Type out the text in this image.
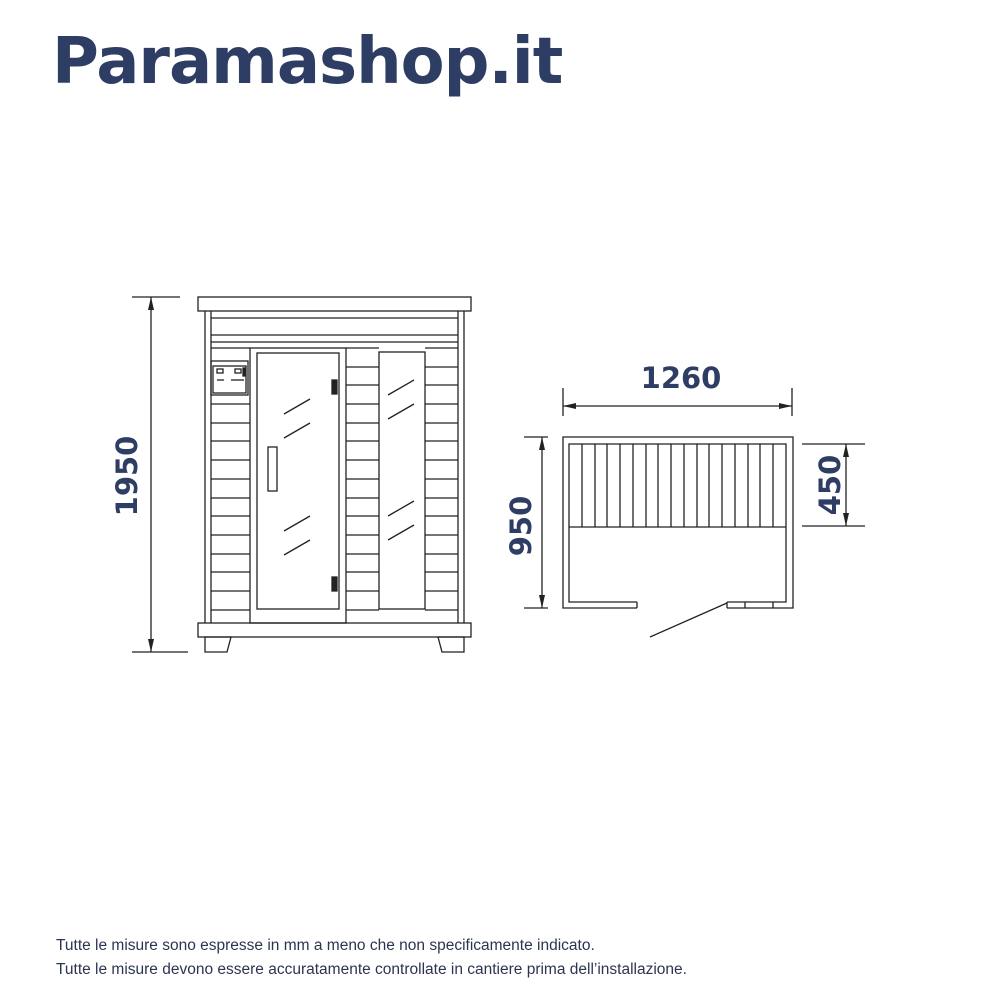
Paramashop.it
1950
1260
950
450
Tutte le misure sono espresse in mm a meno che non specificamente indicato.
Tutte le misure devono essere accuratamente controllate in cantiere prima dell’installazione.
